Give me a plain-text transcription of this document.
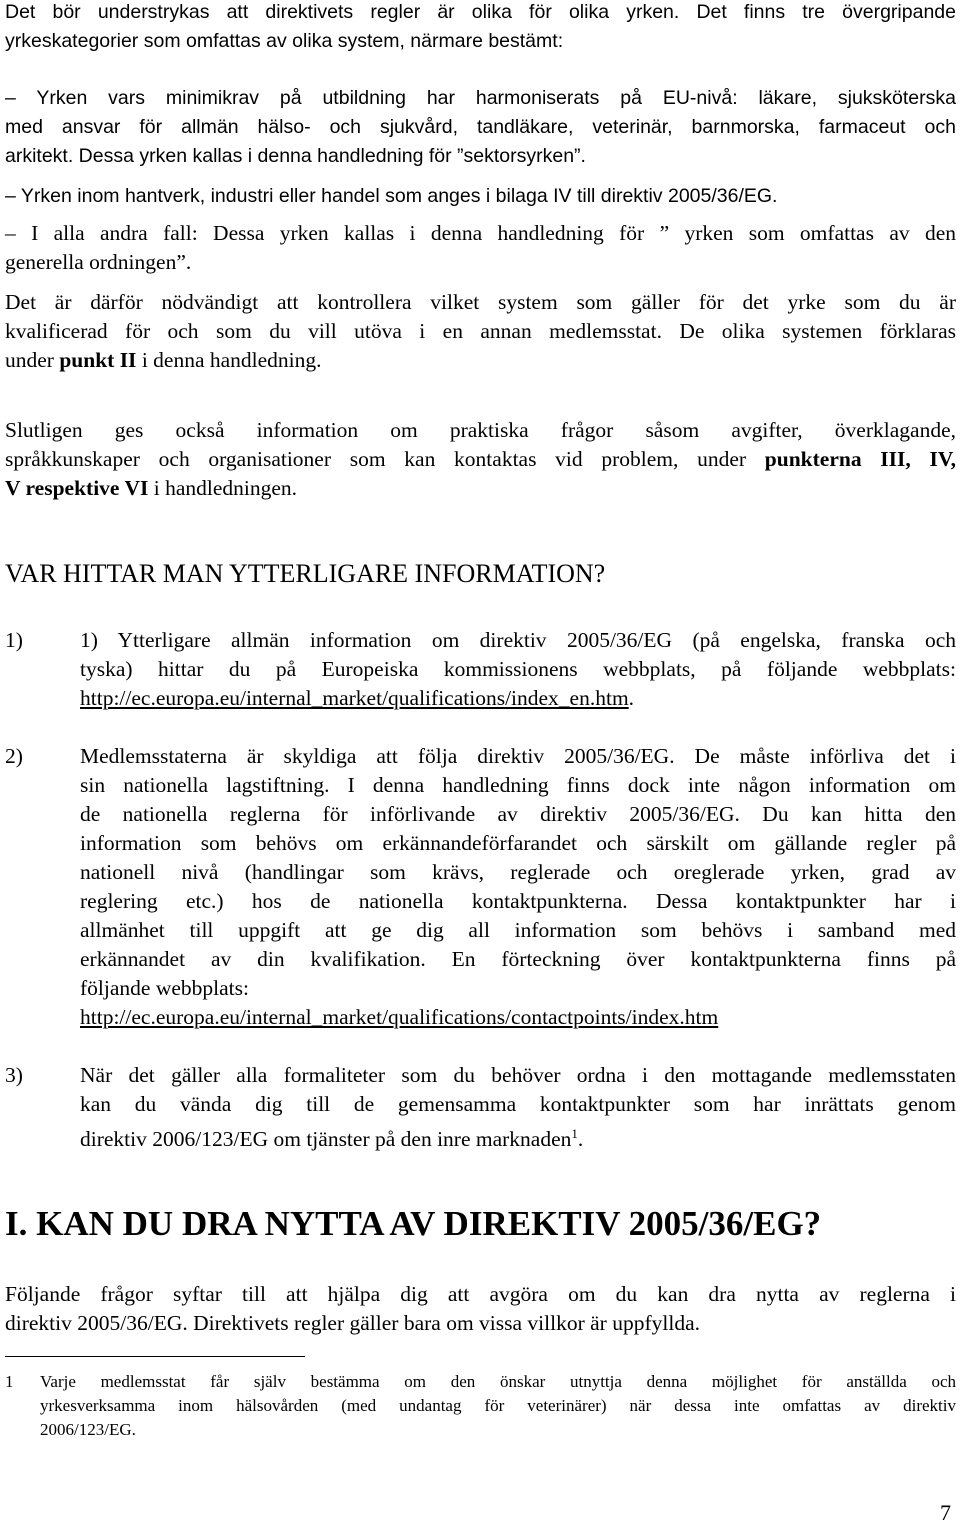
Det bör understrykas att direktivets regler är olika för olika yrken. Det finns tre övergripande
yrkeskategorier som omfattas av olika system, närmare bestämt:
– Yrken vars minimikrav på utbildning har harmoniserats på EU-nivå: läkare, sjuksköterska
med ansvar för allmän hälso- och sjukvård, tandläkare, veterinär, barnmorska, farmaceut och
arkitekt. Dessa yrken kallas i denna handledning för ”sektorsyrken”.
– Yrken inom hantverk, industri eller handel som anges i bilaga IV till direktiv 2005/36/EG.
– I alla andra fall: Dessa yrken kallas i denna handledning för ” yrken som omfattas av den
generella ordningen”.
Det är därför nödvändigt att kontrollera vilket system som gäller för det yrke som du är
kvalificerad för och som du vill utöva i en annan medlemsstat. De olika systemen förklaras
under punkt II i denna handledning.
Slutligen ges också information om praktiska frågor såsom avgifter, överklagande,
språkkunskaper och organisationer som kan kontaktas vid problem, under punkterna III, IV,
V respektive VI i handledningen.
VAR HITTAR MAN YTTERLIGARE INFORMATION?
1)	1) Ytterligare allmän information om direktiv 2005/36/EG (på engelska, franska och
tyska) hittar du på Europeiska kommissionens webbplats, på följande webbplats:
http://ec.europa.eu/internal_market/qualifications/index_en.htm.
2)	Medlemsstaterna är skyldiga att följa direktiv 2005/36/EG. De måste införliva det i
sin nationella lagstiftning. I denna handledning finns dock inte någon information om
de nationella reglerna för införlivande av direktiv 2005/36/EG. Du kan hitta den
information som behövs om erkännandeförfarandet och särskilt om gällande regler på
nationell nivå (handlingar som krävs, reglerade och oreglerade yrken, grad av
reglering etc.) hos de nationella kontaktpunkterna. Dessa kontaktpunkter har i
allmänhet till uppgift att ge dig all information som behövs i samband med
erkännandet av din kvalifikation. En förteckning över kontaktpunkterna finns på
följande webbplats:
http://ec.europa.eu/internal_market/qualifications/contactpoints/index.htm
3)	När det gäller alla formaliteter som du behöver ordna i den mottagande medlemsstaten
kan du vända dig till de gemensamma kontaktpunkter som har inrättats genom
direktiv 2006/123/EG om tjänster på den inre marknaden$^1$.
I. KAN DU DRA NYTTA AV DIREKTIV 2005/36/EG?
Följande frågor syftar till att hjälpa dig att avgöra om du kan dra nytta av reglerna i
direktiv 2005/36/EG. Direktivets regler gäller bara om vissa villkor är uppfyllda.
1 Varje medlemsstat får själv bestämma om den önskar utnyttja denna möjlighet för anställda och
yrkesverksamma inom hälsovården (med undantag för veterinärer) när dessa inte omfattas av direktiv
2006/123/EG.
7
